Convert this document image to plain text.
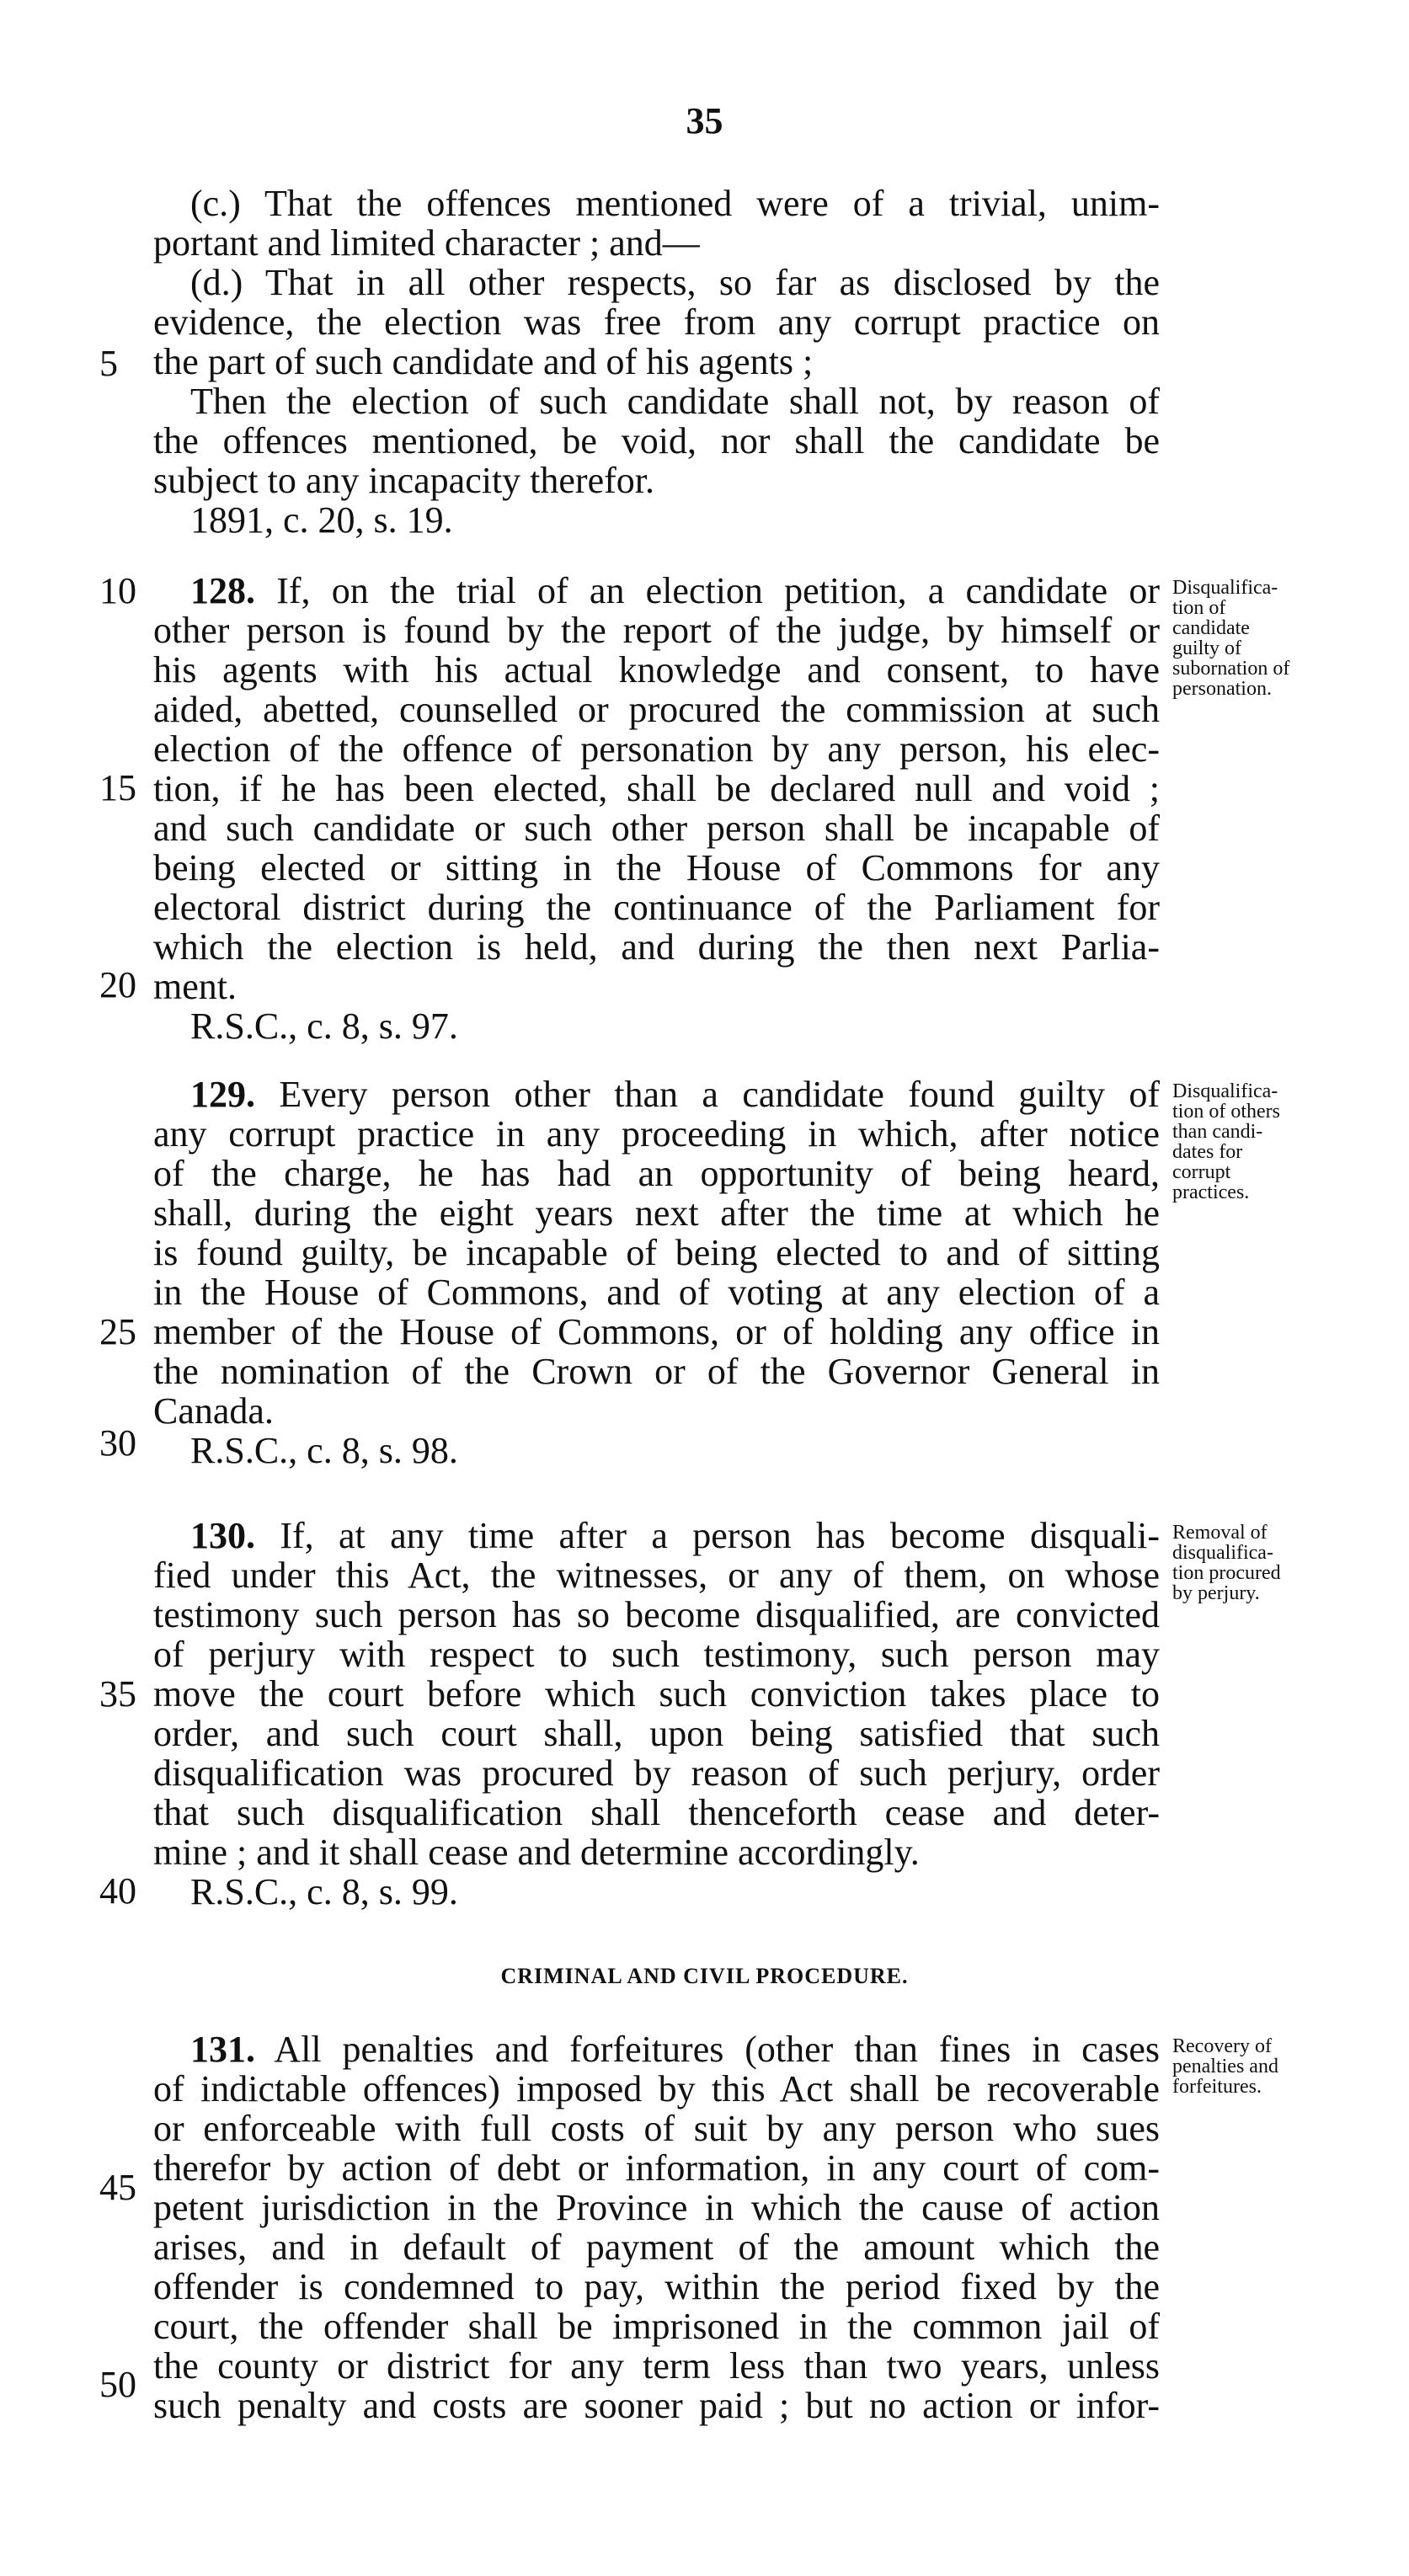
35
5
10
15
20
25
30
35
40
45
50
(c.) That the offences mentioned were of a trivial, unim-
portant and limited character ; and—
(d.) That in all other respects, so far as disclosed by the
evidence, the election was free from any corrupt practice on
the part of such candidate and of his agents ;
Then the election of such candidate shall not, by reason of
the offences mentioned, be void, nor shall the candidate be
subject to any incapacity therefor.
1891, c. 20, s. 19.
128. If, on the trial of an election petition, a candidate or
other person is found by the report of the judge, by himself or
his agents with his actual knowledge and consent, to have
aided, abetted, counselled or procured the commission at such
election of the offence of personation by any person, his elec-
tion, if he has been elected, shall be declared null and void ;
and such candidate or such other person shall be incapable of
being elected or sitting in the House of Commons for any
electoral district during the continuance of the Parliament for
which the election is held, and during the then next Parlia-
ment.
R.S.C., c. 8, s. 97.
Disqualifica-
tion of
candidate
guilty of
subornation of
personation.
129. Every person other than a candidate found guilty of
any corrupt practice in any proceeding in which, after notice
of the charge, he has had an opportunity of being heard,
shall, during the eight years next after the time at which he
is found guilty, be incapable of being elected to and of sitting
in the House of Commons, and of voting at any election of a
member of the House of Commons, or of holding any office in
the nomination of the Crown or of the Governor General in
Canada.
R.S.C., c. 8, s. 98.
Disqualifica-
tion of others
than candi-
dates for
corrupt
practices.
130. If, at any time after a person has become disquali-
fied under this Act, the witnesses, or any of them, on whose
testimony such person has so become disqualified, are convicted
of perjury with respect to such testimony, such person may
move the court before which such conviction takes place to
order, and such court shall, upon being satisfied that such
disqualification was procured by reason of such perjury, order
that such disqualification shall thenceforth cease and deter-
mine ; and it shall cease and determine accordingly.
R.S.C., c. 8, s. 99.
Removal of
disqualifica-
tion procured
by perjury.
CRIMINAL AND CIVIL PROCEDURE.
131. All penalties and forfeitures (other than fines in cases
of indictable offences) imposed by this Act shall be recoverable
or enforceable with full costs of suit by any person who sues
therefor by action of debt or information, in any court of com-
petent jurisdiction in the Province in which the cause of action
arises, and in default of payment of the amount which the
offender is condemned to pay, within the period fixed by the
court, the offender shall be imprisoned in the common jail of
the county or district for any term less than two years, unless
such penalty and costs are sooner paid ; but no action or infor-
Recovery of
penalties and
forfeitures.
